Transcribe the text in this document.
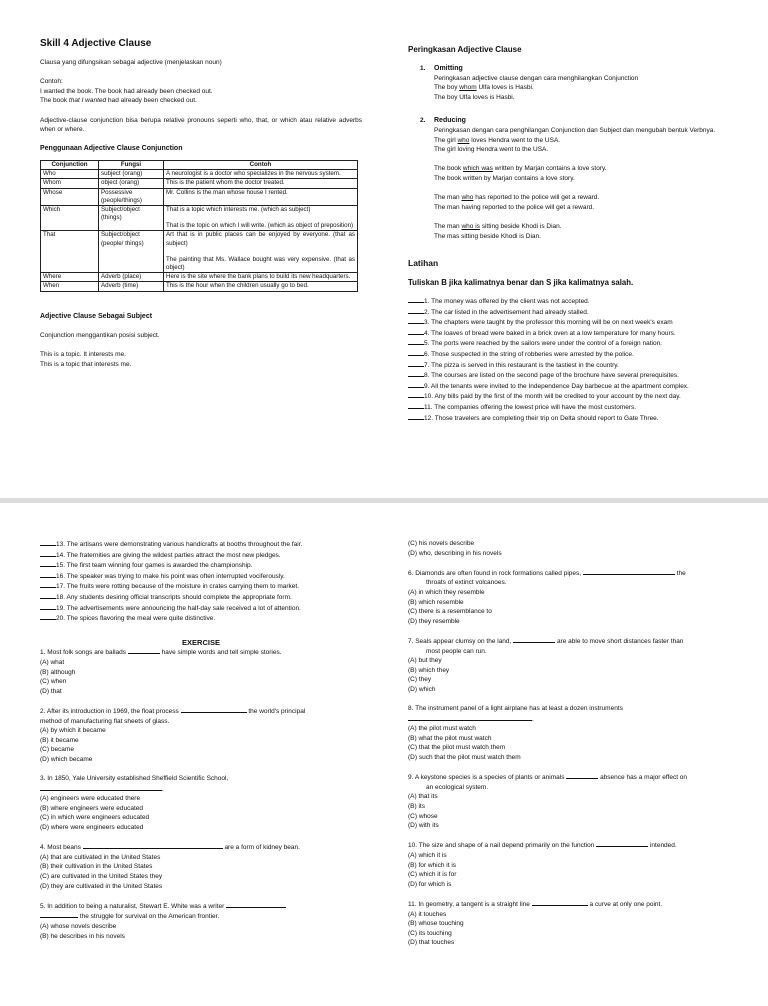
Skill 4 Adjective Clause

Clausa yang difungsikan sebagai adjective (menjelaskan noun)

Contoh:

I wanted the book. The book had already been checked out.

The book that I wanted had already been checked out.

Adjective-clause conjunction bisa berupa relative pronouns seperti who, that, or which atau relative adverbs when or where.

Penggunaan Adjective Clause Conjunction

Conjunction	Fungsi	Contoh
Who	subject (orang)	A neurologist is a doctor who specializes in the nervous system.
Whom	object (orang)	This is the patient whom the doctor treated.
Whose	Possessive (people/things)	Mr. Collins is the man whose house I rented.
Which	Subject/object (things)	That is a topic which interests me. (which as subject)
That is the topic on which I will write. (which as object of preposition)

That	Subject/object (people/ things)	Art that is in public places can be enjoyed by everyone. (that as subject)
The painting that Ms. Wallace bought was very expensive. (that as object)

Where	Adverb (place)	Here is the site where the bank plans to build its new headquarters.
When	Adverb (time)	This is the hour when the children usually go to bed.

Adjective Clause Sebagai Subject

Conjunction menggantikan posisi subject.

This is a topic. It interests me.

This is a topic that interests me.

Peringkasan Adjective Clause

1. Omitting

Peringkasan adjective clause dengan cara menghilangkan Conjunction

The boy whom Ulfa loves is Hasbi.

The boy Ulfa loves is Hasbi.

2. Reducing

Peringkasan dengan cara penghilangan Conjunction dan Subject dan mengubah bentuk Verbnya.

The girl who loves Hendra went to the USA.

The girl loving Hendra went to the USA.

The book which was written by Marjan contains a love story.

The book written by Marjan contains a love story.

The man who has reported to the police will get a reward.

The man having reported to the police will get a reward.

The man who is sitting beside Khodi is Dian.

The mas sitting beside Khodi is Dian.

Latihan

Tuliskan B jika kalimatnya benar dan S jika kalimatnya salah.

1. The money was offered by the client was not accepted.

2. The car listed in the advertisement had already stalled.

3. The chapters were taught by the professor this morning will be on next week's exam

4. The loaves of bread were baked in a brick oven at a low temperature for many hours.

5. The ports were reached by the sailors were under the control of a foreign nation.

6. Those suspected in the string of robberies were arrested by the police.

7. The pizza is served in this restaurant is the tastiest in the country.

8. The courses are listed on the second page of the brochure have several prerequisites.

9. All the tenants were invited to the Independence Day barbecue at the apartment complex.

10. Any bills paid by the first of the month will be credited to your account by the next day.

11. The companies offering the lowest price will have the most customers.

12. Those travelers are completing their trip on Delta should report to Gate Three.

13. The artisans were demonstrating various handicrafts at booths throughout the fair.

14. The fraternities are giving the wildest parties attract the most new pledges.

15. The first team winning four games is awarded the championship.

16. The speaker was trying to make his point was often interrupted vociferously.

17. The fruits were rotting because of the moisture in crates carrying them to market.

18. Any students desiring official transcripts should complete the appropriate form.

19. The advertisements were announcing the half-day sale received a lot of attention.

20. The spices flavoring the meal were quite distinctive.

EXERCISE

1. Most folk songs are ballads	have simple words and tell simple stories.

(A) what

(B) although

(C) when

(D) that

2. After its introduction in 1969, the float process	the world's principal

method of manufacturing flat sheets of glass.

(A) by which it became

(B) it became

(C) became

(D) which became

3. In 1850, Yale University established Sheffield Scientific School,

.

(A) engineers were educated there

(B) where engineers were educated

(C) in which were engineers educated

(D) where were engineers educated

4. Most beans	are a form of kidney bean.

(A) that are cultivated in the United States

(B) their cultivation in the United States

(C) are cultivated in the United States they

(D) they are cultivated in the United States

5. In addition to being a naturalist, Stewart E. White was a writer

the struggle for survival on the American frontier.

(A) whose novels describe

(B) he describes in his novels

(C) his novels describe

(D) who, describing in his novels

6. Diamonds are often found in rock formations called pipes,	the

throats of extinct volcanoes.

(A) in which they resemble

(B) which resemble

(C) there is a resemblance to

(D) they resemble

7. Seals appear clumsy on the land,	are able to move short distances faster than

most people can run.

(A) but they

(B) which they

(C) they

(D) which

8. The instrument panel of a light airplane has at least a dozen instruments

.

(A) the pilot must watch

(B) what the pilot must watch

(C) that the pilot must watch them

(D) such that the pilot must watch them

9. A keystone species is a species of plants or animals	absence has a major effect on

an ecological system.

(A) that its

(B) its

(C) whose

(D) with its

10. The size and shape of a nail depend primarily on the function	intended.

(A) which it is

(B) for which it is

(C) which it is for

(D) for which is

11. In geometry, a tangent is a straight line	a curve at only one point.

(A) it touches

(B) whose touching

(C) its touching

(D) that touches
